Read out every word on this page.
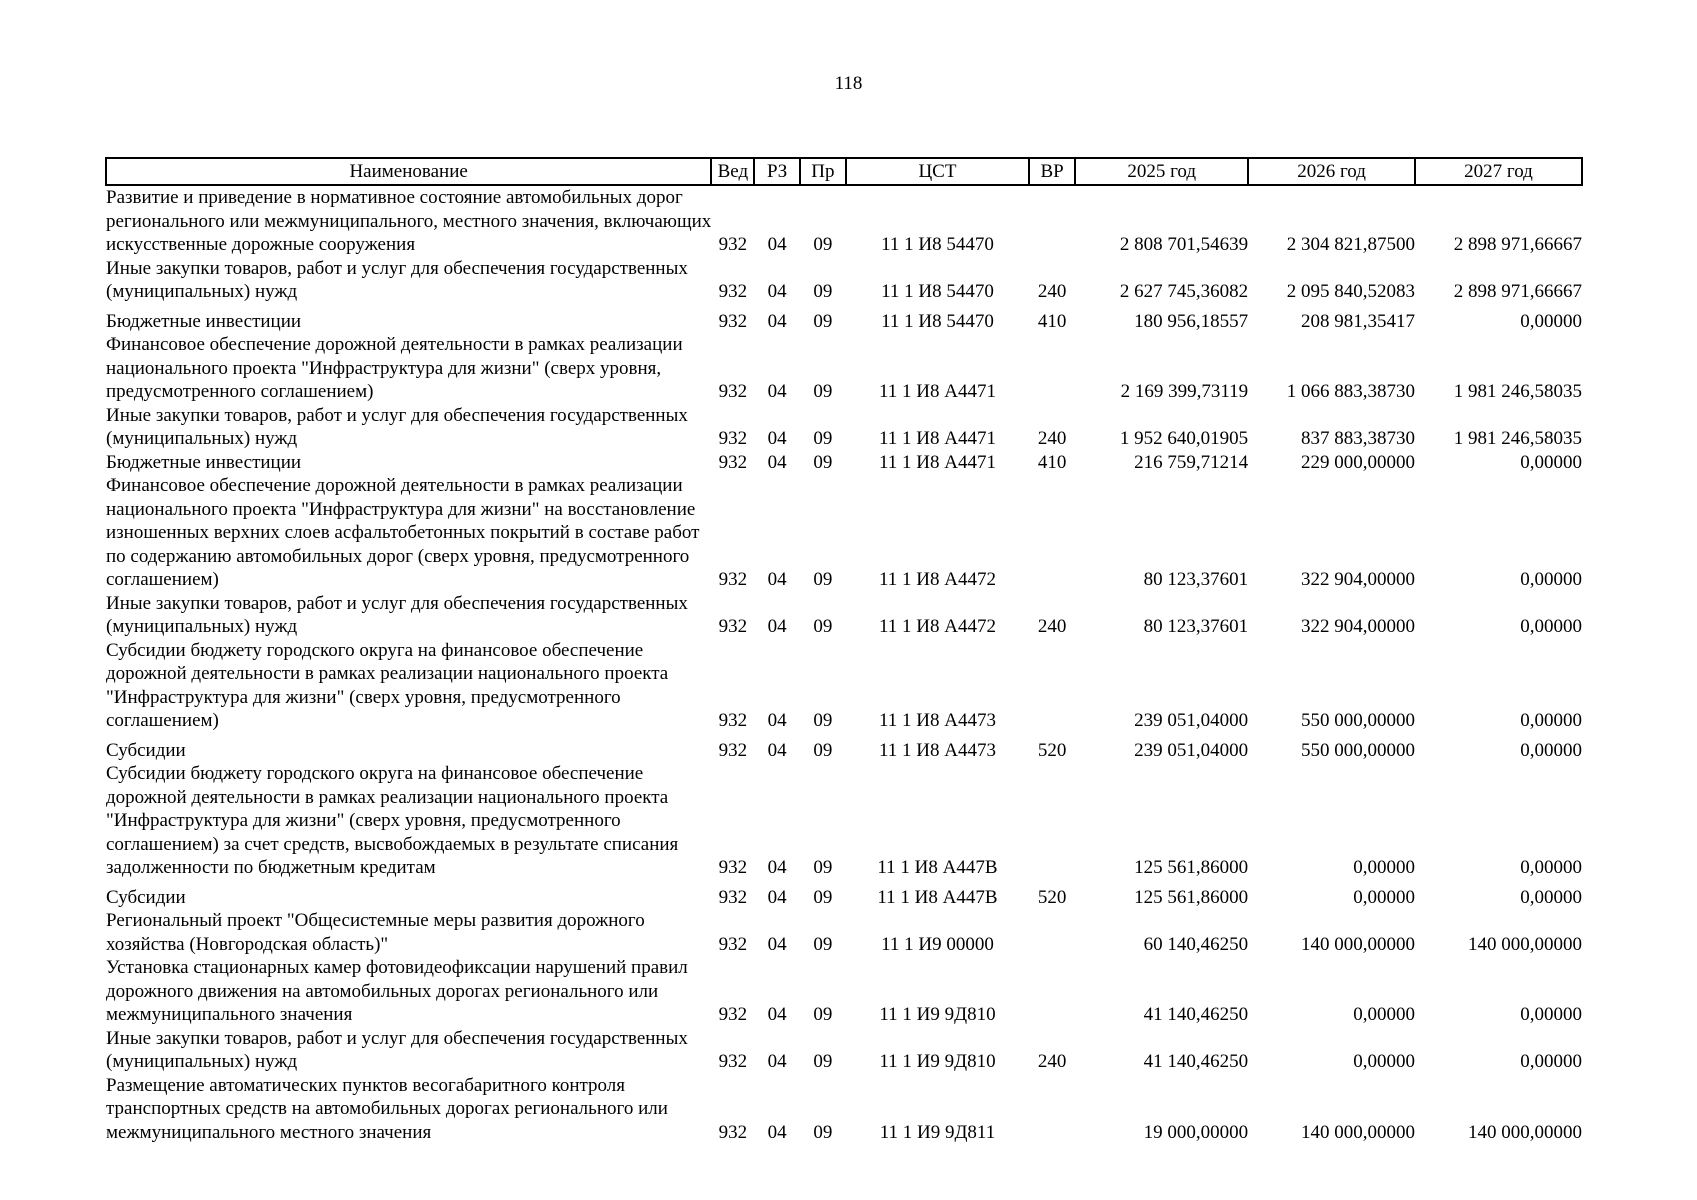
118
Наименование	Вед	РЗ	Пр	ЦСТ	ВР	2025 год	2026 год	2027 год
Развитие и приведение в нормативное состояние автомобильных дорог регионального или межмуниципального, местного значения, включающих искусственные дорожные сооружения	932	04	09	11 1 И8 54470		2 808 701,54639	2 304 821,87500	2 898 971,66667
Иные закупки товаров, работ и услуг для обеспечения государственных (муниципальных) нужд	932	04	09	11 1 И8 54470	240	2 627 745,36082	2 095 840,52083	2 898 971,66667
Бюджетные инвестиции	932	04	09	11 1 И8 54470	410	180 956,18557	208 981,35417	0,00000
Финансовое обеспечение дорожной деятельности в рамках реализации национального проекта "Инфраструктура для жизни" (сверх уровня, предусмотренного соглашением)	932	04	09	11 1 И8 А4471		2 169 399,73119	1 066 883,38730	1 981 246,58035
Иные закупки товаров, работ и услуг для обеспечения государственных (муниципальных) нужд	932	04	09	11 1 И8 А4471	240	1 952 640,01905	837 883,38730	1 981 246,58035
Бюджетные инвестиции	932	04	09	11 1 И8 А4471	410	216 759,71214	229 000,00000	0,00000
Финансовое обеспечение дорожной деятельности в рамках реализации национального проекта "Инфраструктура для жизни" на восстановление изношенных верхних слоев асфальтобетонных покрытий в составе работ по содержанию автомобильных дорог (сверх уровня, предусмотренного соглашением)	932	04	09	11 1 И8 А4472		80 123,37601	322 904,00000	0,00000
Иные закупки товаров, работ и услуг для обеспечения государственных (муниципальных) нужд	932	04	09	11 1 И8 А4472	240	80 123,37601	322 904,00000	0,00000
Субсидии бюджету городского округа на финансовое обеспечение дорожной деятельности в рамках реализации национального проекта "Инфраструктура для жизни" (сверх уровня, предусмотренного соглашением)	932	04	09	11 1 И8 А4473		239 051,04000	550 000,00000	0,00000
Субсидии	932	04	09	11 1 И8 А4473	520	239 051,04000	550 000,00000	0,00000
Субсидии бюджету городского округа на финансовое обеспечение дорожной деятельности в рамках реализации национального проекта "Инфраструктура для жизни" (сверх уровня, предусмотренного соглашением) за счет средств, высвобождаемых в результате списания задолженности по бюджетным кредитам	932	04	09	11 1 И8 А447В		125 561,86000	0,00000	0,00000
Субсидии	932	04	09	11 1 И8 А447В	520	125 561,86000	0,00000	0,00000
Региональный проект "Общесистемные меры развития дорожного хозяйства (Новгородская область)"	932	04	09	11 1 И9 00000		60 140,46250	140 000,00000	140 000,00000
Установка стационарных камер фотовидеофиксации нарушений правил дорожного движения на автомобильных дорогах регионального или межмуниципального значения	932	04	09	11 1 И9 9Д810		41 140,46250	0,00000	0,00000
Иные закупки товаров, работ и услуг для обеспечения государственных (муниципальных) нужд	932	04	09	11 1 И9 9Д810	240	41 140,46250	0,00000	0,00000
Размещение автоматических пунктов весогабаритного контроля транспортных средств на автомобильных дорогах регионального или межмуниципального местного значения	932	04	09	11 1 И9 9Д811		19 000,00000	140 000,00000	140 000,00000
